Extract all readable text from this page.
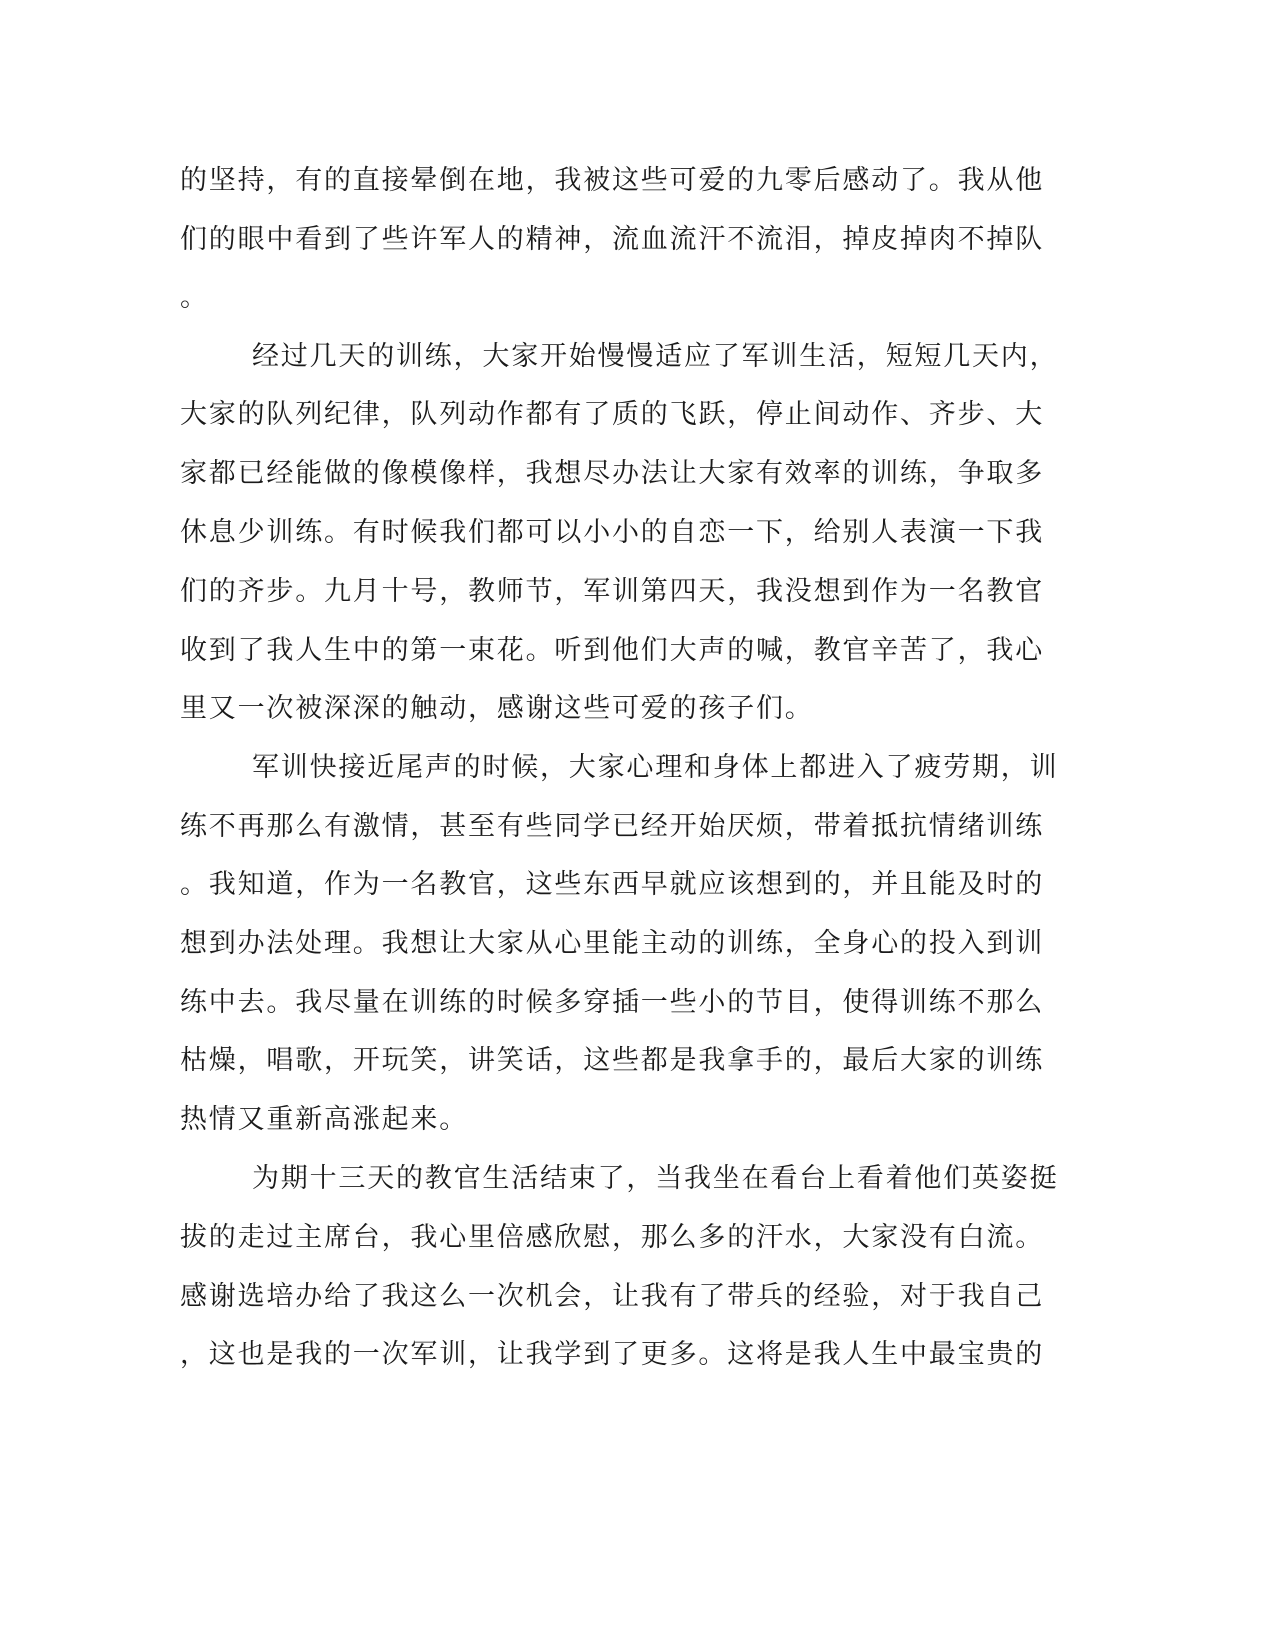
的坚持，有的直接晕倒在地，我被这些可爱的九零后感动了。我从他
们的眼中看到了些许军人的精神，流血流汗不流泪，掉皮掉肉不掉队
。
经过几天的训练，大家开始慢慢适应了军训生活，短短几天内，
大家的队列纪律，队列动作都有了质的飞跃，停止间动作、齐步、大
家都已经能做的像模像样，我想尽办法让大家有效率的训练，争取多
休息少训练。有时候我们都可以小小的自恋一下，给别人表演一下我
们的齐步。九月十号，教师节，军训第四天，我没想到作为一名教官
收到了我人生中的第一束花。听到他们大声的喊，教官辛苦了，我心
里又一次被深深的触动，感谢这些可爱的孩子们。
军训快接近尾声的时候，大家心理和身体上都进入了疲劳期，训
练不再那么有激情，甚至有些同学已经开始厌烦，带着抵抗情绪训练
。我知道，作为一名教官，这些东西早就应该想到的，并且能及时的
想到办法处理。我想让大家从心里能主动的训练，全身心的投入到训
练中去。我尽量在训练的时候多穿插一些小的节目，使得训练不那么
枯燥，唱歌，开玩笑，讲笑话，这些都是我拿手的，最后大家的训练
热情又重新高涨起来。
为期十三天的教官生活结束了，当我坐在看台上看着他们英姿挺
拔的走过主席台，我心里倍感欣慰，那么多的汗水，大家没有白流。
感谢选培办给了我这么一次机会，让我有了带兵的经验，对于我自己
，这也是我的一次军训，让我学到了更多。这将是我人生中最宝贵的
